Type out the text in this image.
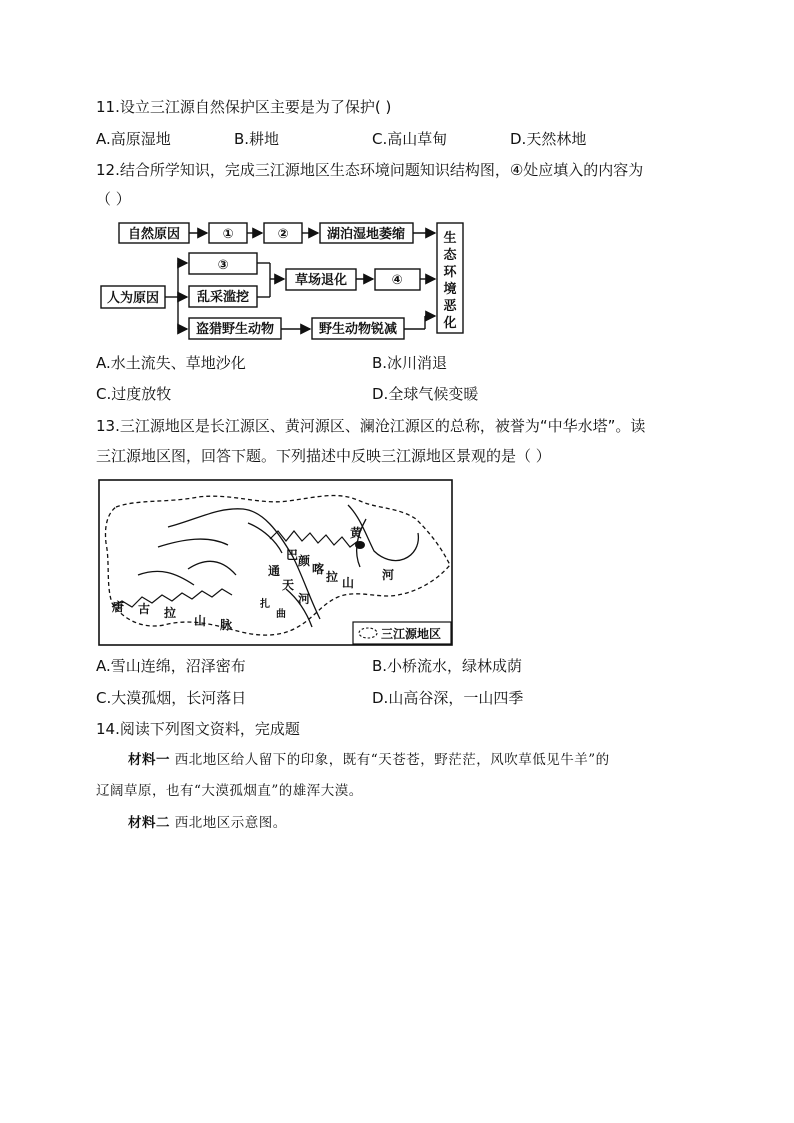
11.设立三江源自然保护区主要是为了保护( )
A.高原湿地	B.耕地	C.高山草甸	D.天然林地
12.结合所学知识，完成三江源地区生态环境问题知识结构图，④处应填入的内容为
（ ）
自然原因	①	②	湖泊湿地萎缩
③
人为原因	乱采滥挖
草场退化	④
盗猎野生动物	野生动物锐减
生
态
环
境
恶
化
A.水土流失、草地沙化	B.冰川消退
C.过度放牧	D.全球气候变暖
13.三江源地区是长江源区、黄河源区、澜沧江源区的总称，被誉为“中华水塔”。读
三江源地区图，回答下题。下列描述中反映三江源地区景观的是（ ）
黄
河
巴 颜
喀
拉 山
通
天
河
唐 古 拉
山 脉
扎
曲
三江源地区
A.雪山连绵，沼泽密布	B.小桥流水，绿林成荫
C.大漠孤烟，长河落日	D.山高谷深，一山四季
14.阅读下列图文资料，完成题
材料一 西北地区给人留下的印象，既有“天苍苍，野茫茫，风吹草低见牛羊”的
辽阔草原，也有“大漠孤烟直”的雄浑大漠。
材料二 西北地区示意图。
